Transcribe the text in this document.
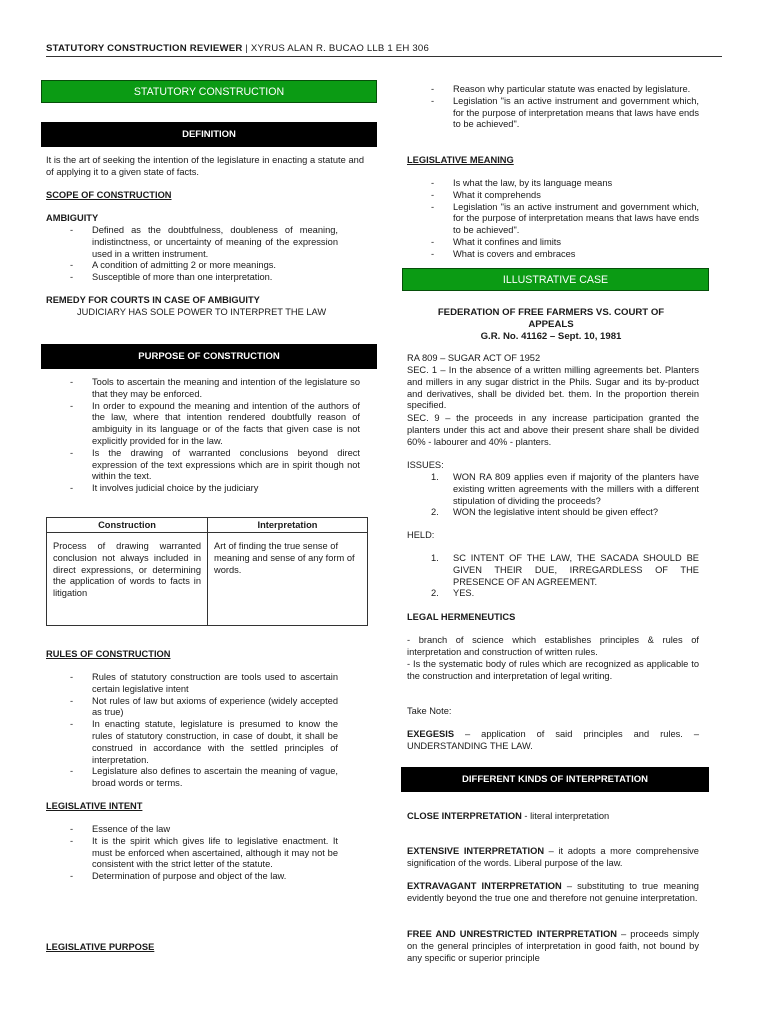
STATUTORY CONSTRUCTION REVIEWER | XYRUS ALAN R. BUCAO LLB 1 EH 306
STATUTORY CONSTRUCTION
DEFINITION
It is the art of seeking the intention of the legislature in enacting a statute and of applying it to a given state of facts.
SCOPE OF CONSTRUCTION
AMBIGUITY
- Defined as the doubtfulness, doubleness of meaning, indistinctness, or uncertainty of meaning of the expression used in a written instrument.
- A condition of admitting 2 or more meanings.
- Susceptible of more than one interpretation.
REMEDY FOR COURTS IN CASE OF AMBIGUITY
JUDICIARY HAS SOLE POWER TO INTERPRET THE LAW
PURPOSE OF CONSTRUCTION
- Tools to ascertain the meaning and intention of the legislature so that they may be enforced.
- In order to expound the meaning and intention of the authors of the law, where that intention rendered doubtfully reason of ambiguity in its language or of the facts that given case is not explicitly provided for in the law.
- Is the drawing of warranted conclusions beyond direct expression of the text expressions which are in spirit though not within the text.
- It involves judicial choice by the judiciary
Construction	Interpretation
Process of drawing warranted conclusion not always included in direct expressions, or determining the application of words to facts in litigation	Art of finding the true sense of meaning and sense of any form of words.
RULES OF CONSTRUCTION
- Rules of statutory construction are tools used to ascertain certain legislative intent
- Not rules of law but axioms of experience (widely accepted as true)
- In enacting statute, legislature is presumed to know the rules of statutory construction, in case of doubt, it shall be construed in accordance with the settled principles of interpretation.
- Legislature also defines to ascertain the meaning of vague, broad words or terms.
LEGISLATIVE INTENT
- Essence of the law
- It is the spirit which gives life to legislative enactment. It must be enforced when ascertained, although it may not be consistent with the strict letter of the statute.
- Determination of purpose and object of the law.
LEGISLATIVE PURPOSE
- Reason why particular statute was enacted by legislature.
- Legislation "is an active instrument and government which, for the purpose of interpretation means that laws have ends to be achieved".
LEGISLATIVE MEANING
- Is what the law, by its language means
- What it comprehends
- Legislation "is an active instrument and government which, for the purpose of interpretation means that laws have ends to be achieved".
- What it confines and limits
- What is covers and embraces
ILLUSTRATIVE CASE
FEDERATION OF FREE FARMERS VS. COURT OF APPEALS
G.R. No. 41162 – Sept. 10, 1981
RA 809 – SUGAR ACT OF 1952
SEC. 1 – In the absence of a written milling agreements bet. Planters and millers in any sugar district in the Phils. Sugar and its by-product and derivatives, shall be divided bet. them. In the proportion therein specified.
SEC. 9 – the proceeds in any increase participation granted the planters under this act and above their present share shall be divided 60% - labourer and 40% - planters.
ISSUES:
1. WON RA 809 applies even if majority of the planters have existing written agreements with the millers with a different stipulation of dividing the proceeds?
2. WON the legislative intent should be given effect?
HELD:
1. SC INTENT OF THE LAW, THE SACADA SHOULD BE GIVEN THEIR DUE, IRREGARDLESS OF THE PRESENCE OF AN AGREEMENT.
2. YES.
LEGAL HERMENEUTICS
- branch of science which establishes principles & rules of interpretation and construction of written rules.
- Is the systematic body of rules which are recognized as applicable to the construction and interpretation of legal writing.
Take Note:
EXEGESIS – application of said principles and rules. – UNDERSTANDING THE LAW.
DIFFERENT KINDS OF INTERPRETATION
CLOSE INTERPRETATION - literal interpretation
EXTENSIVE INTERPRETATION – it adopts a more comprehensive signification of the words. Liberal purpose of the law.
EXTRAVAGANT INTERPRETATION – substituting to true meaning evidently beyond the true one and therefore not genuine interpretation.
FREE AND UNRESTRICTED INTERPRETATION – proceeds simply on the general principles of interpretation in good faith, not bound by any specific or superior principle
